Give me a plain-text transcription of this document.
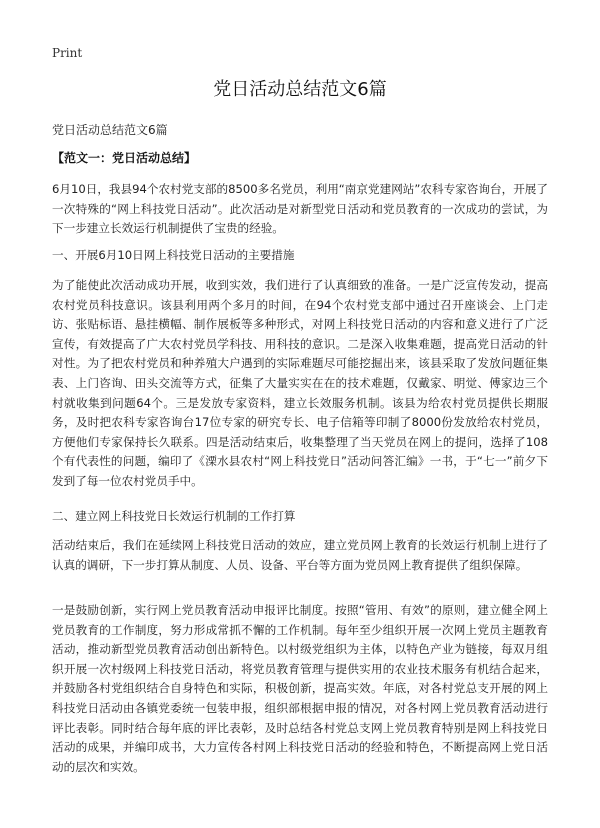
Print
党日活动总结范文6篇
党日活动总结范文6篇
【范文一：党日活动总结】

6月10日，我县94个农村党支部的8500多名党员，利用“南京党建网站”农科专家咨询台，开展了一次特殊的“网上科技党日活动”。此次活动是对新型党日活动和党员教育的一次成功的尝试，为下一步建立长效运行机制提供了宝贵的经验。

一、开展6月10日网上科技党日活动的主要措施

为了能使此次活动成功开展，收到实效，我们进行了认真细致的准备。一是广泛宣传发动，提高农村党员科技意识。该县利用两个多月的时间，在94个农村党支部中通过召开座谈会、上门走访、张贴标语、悬挂横幅、制作展板等多种形式，对网上科技党日活动的内容和意义进行了广泛宣传，有效提高了广大农村党员学科技、用科技的意识。二是深入收集难题，提高党日活动的针对性。为了把农村党员和种养殖大户遇到的实际难题尽可能挖掘出来，该县采取了发放问题征集表、上门咨询、田头交流等方式，征集了大量实实在在的技术难题，仅戴家、明觉、傅家边三个村就收集到问题64个。三是发放专家资料，建立长效服务机制。该县为给农村党员提供长期服务，及时把农科专家咨询台17位专家的研究专长、电子信箱等印制了8000份发放给农村党员，方便他们专家保持长久联系。四是活动结束后，收集整理了当天党员在网上的提问，选择了108个有代表性的问题，编印了《溧水县农村“网上科技党日”活动问答汇编》一书，于“七一”前夕下发到了每一位农村党员手中。

二、建立网上科技党日长效运行机制的工作打算

活动结束后，我们在延续网上科技党日活动的效应，建立党员网上教育的长效运行机制上进行了认真的调研，下一步打算从制度、人员、设备、平台等方面为党员网上教育提供了组织保障。

一是鼓励创新，实行网上党员教育活动申报评比制度。按照“管用、有效”的原则，建立健全网上党员教育的工作制度，努力形成常抓不懈的工作机制。每年至少组织开展一次网上党员主题教育活动，推动新型党员教育活动创出新特色。以村级党组织为主体，以特色产业为链接，每双月组织开展一次村级网上科技党日活动，将党员教育管理与提供实用的农业技术服务有机结合起来，并鼓励各村党组织结合自身特色和实际，积极创新，提高实效。年底，对各村党总支开展的网上科技党日活动由各镇党委统一包装申报，组织部根据申报的情况，对各村网上党员教育活动进行评比表彰。同时结合每年底的评比表彰，及时总结各村党总支网上党员教育特别是网上科技党日活动的成果，并编印成书，大力宣传各村网上科技党日活动的经验和特色，不断提高网上党日活动的层次和实效。
